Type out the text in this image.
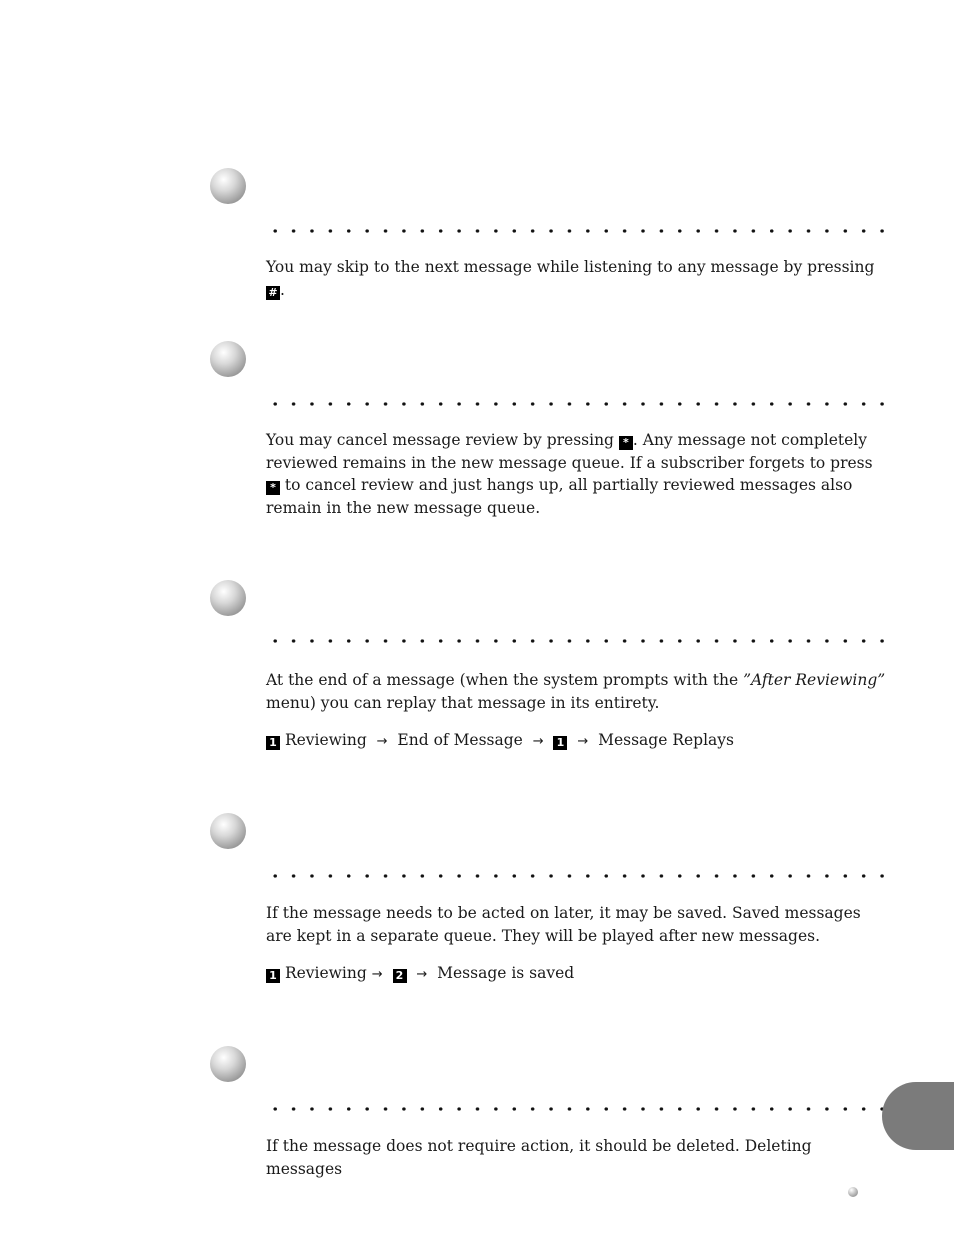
You may skip to the next message while listening to any message by pressing # .

You may cancel message review by pressing * . Any message not completely reviewed remains in the new message queue. If a subscriber forgets to press * to cancel review and just hangs up, all partially reviewed messages also remain in the new message queue.

At the end of a message (when the system prompts with the ”After Reviewing” menu) you can replay that message in its entirety.

1 Reviewing → End of Message → 1 → Message Replays

If the message needs to be acted on later, it may be saved. Saved messages are kept in a separate queue. They will be played after new messages.

1 Reviewing → 2 → Message is saved

If the message does not require action, it should be deleted. Deleting messages
